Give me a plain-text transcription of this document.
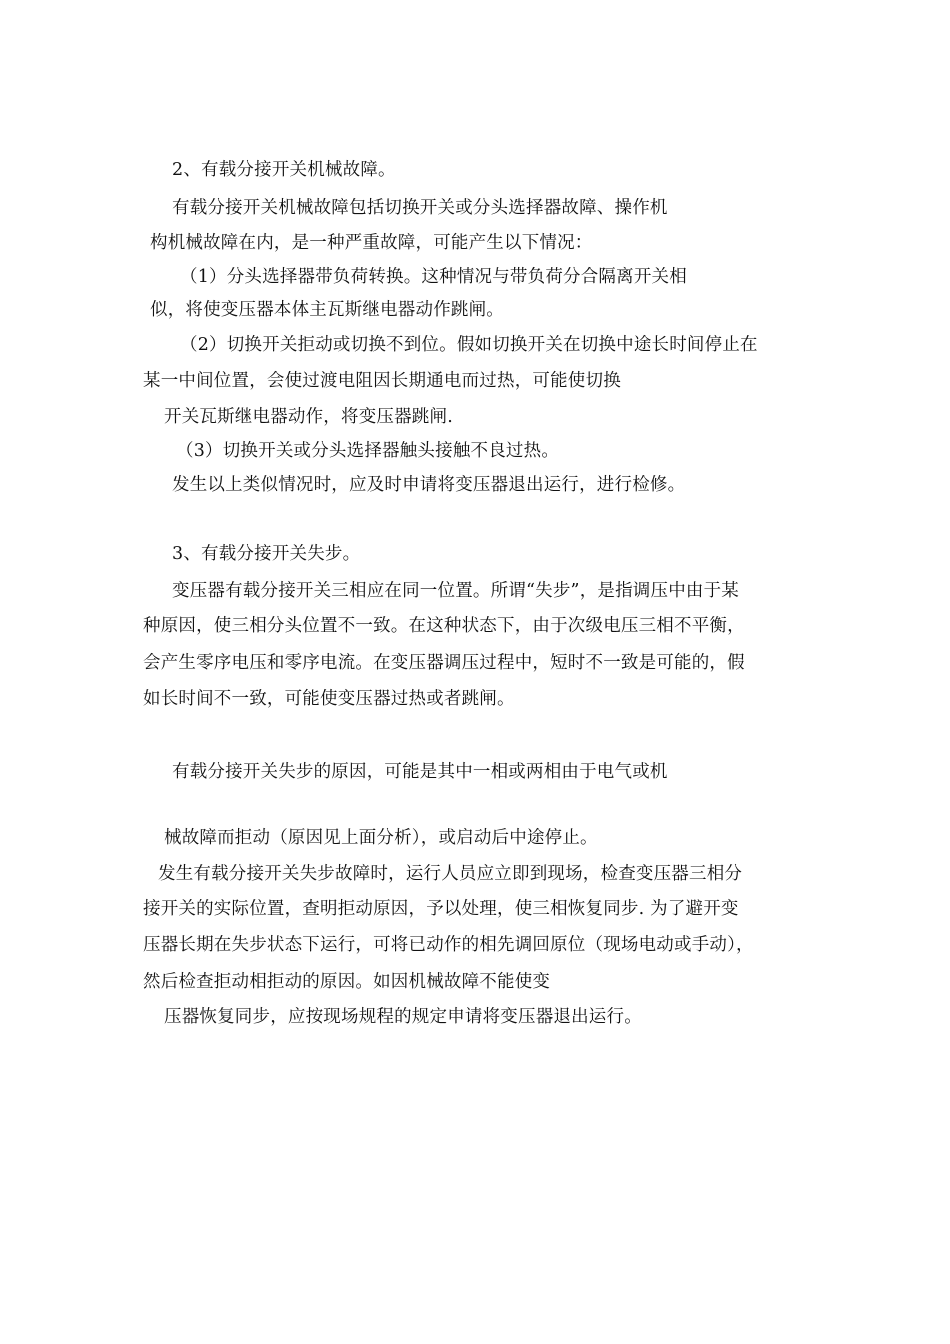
2、有载分接开关机械故障。
有载分接开关机械故障包括切换开关或分头选择器故障、操作机
构机械故障在内，是一种严重故障，可能产生以下情况：
（1）分头选择器带负荷转换。这种情况与带负荷分合隔离开关相
似，将使变压器本体主瓦斯继电器动作跳闸。
（2）切换开关拒动或切换不到位。假如切换开关在切换中途长时间停止在
某一中间位置，会使过渡电阻因长期通电而过热，可能使切换
开关瓦斯继电器动作，将变压器跳闸.
（3）切换开关或分头选择器触头接触不良过热。
发生以上类似情况时，应及时申请将变压器退出运行，进行检修。
3、有载分接开关失步。
变压器有载分接开关三相应在同一位置。所谓“失步”，是指调压中由于某
种原因，使三相分头位置不一致。在这种状态下，由于次级电压三相不平衡，
会产生零序电压和零序电流。在变压器调压过程中，短时不一致是可能的，假
如长时间不一致，可能使变压器过热或者跳闸。
有载分接开关失步的原因，可能是其中一相或两相由于电气或机
械故障而拒动（原因见上面分析），或启动后中途停止。
发生有载分接开关失步故障时，运行人员应立即到现场，检查变压器三相分
接开关的实际位置，查明拒动原因，予以处理，使三相恢复同步. 为了避开变
压器长期在失步状态下运行，可将已动作的相先调回原位（现场电动或手动），
然后检查拒动相拒动的原因。如因机械故障不能使变
压器恢复同步，应按现场规程的规定申请将变压器退出运行。
